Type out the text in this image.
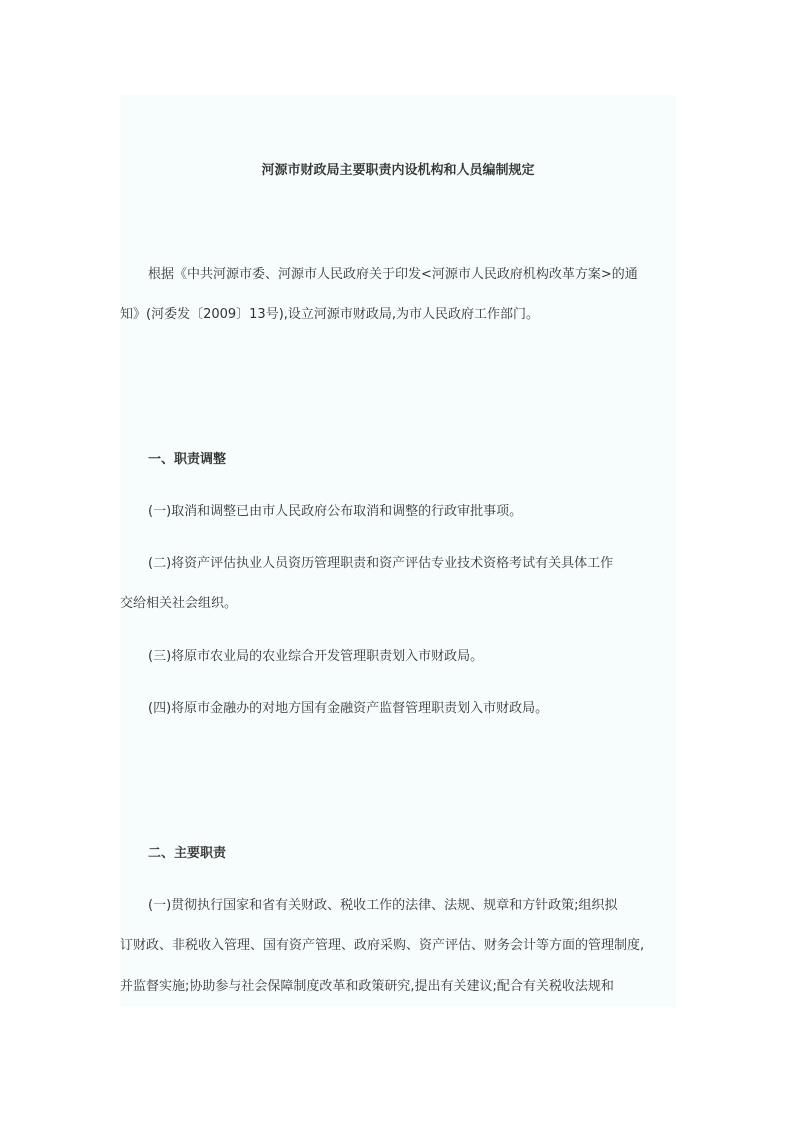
河源市财政局主要职责内设机构和人员编制规定
根据《中共河源市委、河源市人民政府关于印发<河源市人民政府机构改革方案>的通
知》(河委发〔2009〕13号),设立河源市财政局,为市人民政府工作部门。
一、职责调整
(一)取消和调整已由市人民政府公布取消和调整的行政审批事项。
(二)将资产评估执业人员资历管理职责和资产评估专业技术资格考试有关具体工作
交给相关社会组织。
(三)将原市农业局的农业综合开发管理职责划入市财政局。
(四)将原市金融办的对地方国有金融资产监督管理职责划入市财政局。
二、主要职责
(一)贯彻执行国家和省有关财政、税收工作的法律、法规、规章和方针政策;组织拟
订财政、非税收入管理、国有资产管理、政府采购、资产评估、财务会计等方面的管理制度,
并监督实施;协助参与社会保障制度改革和政策研究,提出有关建议;配合有关税收法规和
